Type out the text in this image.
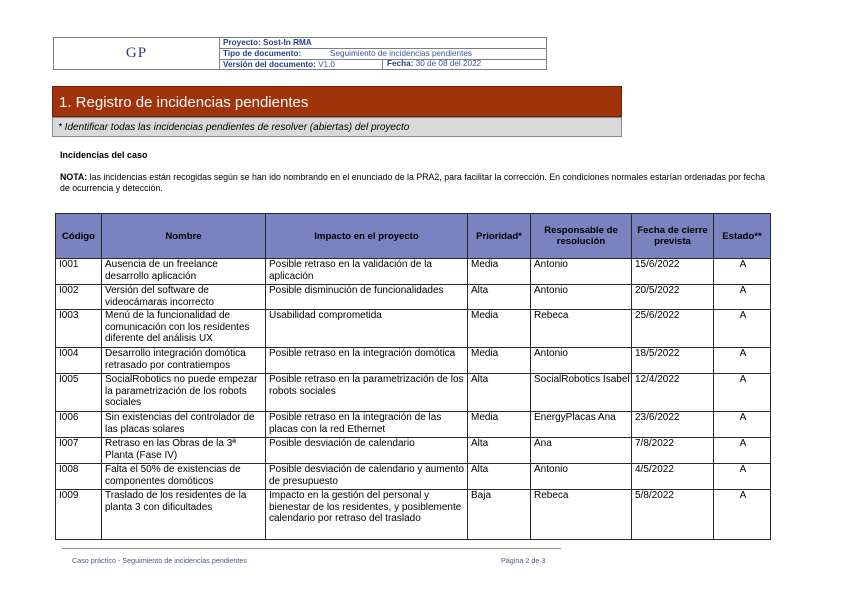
GP
Proyecto: Sost-In RMA
Tipo de documento:	Seguimiento de incidencias pendientes
Versión del documento: V1.0	Fecha: 30 de 08 del 2022
1. Registro de incidencias pendientes
* Identificar todas las incidencias pendientes de resolver (abiertas) del proyecto
Incidencias del caso
NOTA: las incidencias están recogidas según se han ido nombrando en el enunciado de la PRA2, para facilitar la corrección. En condiciones normales estarían ordenadas por fecha de ocurrencia y detección.
Código	Nombre	Impacto en el proyecto	Prioridad*	Responsable de resolución	Fecha de cierre prevista	Estado**
I001	Ausencia de un freelance desarrollo aplicación	Posible retraso en la validación de la aplicación	Media	Antonio	15/6/2022	A
I002	Versión del software de videocámaras incorrecto	Posible disminución de funcionalidades	Alta	Antonio	20/5/2022	A
I003	Menú de la funcionalidad de comunicación con los residentes diferente del análisis UX	Usabilidad comprometida	Media	Rebeca	25/6/2022	A
I004	Desarrollo integración domótica retrasado por contratiempos	Posible retraso en la integración domótica	Media	Antonio	18/5/2022	A
I005	SocialRobotics no puede empezar la parametrización de los robots sociales	Posible retraso en la parametrización de los robots sociales	Alta	SocialRobotics Isabel	12/4/2022	A
I006	Sin existencias del controlador de las placas solares	Posible retraso en la integración de las placas con la red Ethernet	Media	EnergyPlacas Ana	23/6/2022	A
I007	Retraso en las Obras de la 3ª Planta (Fase IV)	Posible desviación de calendario	Alta	Ana	7/8/2022	A
I008	Falta el 50% de existencias de componentes domóticos	Posible desviación de calendario y aumento de presupuesto	Alta	Antonio	4/5/2022	A
I009	Traslado de los residentes de la planta 3 con dificultades	Impacto en la gestión del personal y bienestar de los residentes, y posiblemente calendario por retraso del traslado	Baja	Rebeca	5/8/2022	A
Caso práctico - Seguimiento de incidencias pendientes	Página 2 de 3
